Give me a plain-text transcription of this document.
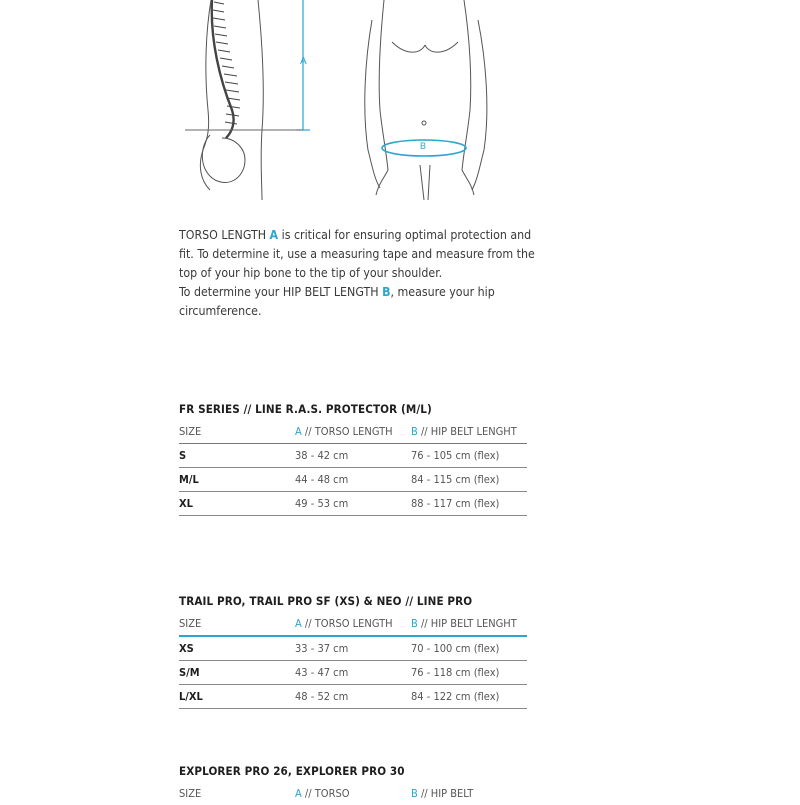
A
B

TORSO LENGTH A is critical for ensuring optimal protection and fit. To determine it, use a measuring tape and measure from the top of your hip bone to the tip of your shoulder.

To determine your HIP BELT LENGTH B, measure your hip circumference.

FR SERIES // LINE R.A.S. PROTECTOR (M/L)
SIZE	A // TORSO LENGTH	B // HIP BELT LENGHT
S	38 - 42 cm	76 - 105 cm (flex)
M/L	44 - 48 cm	84 - 115 cm (flex)
XL	49 - 53 cm	88 - 117 cm (flex)
TRAIL PRO, TRAIL PRO SF (XS) & NEO // LINE PRO
SIZE	A // TORSO LENGTH	B // HIP BELT LENGHT
XS	33 - 37 cm	70 - 100 cm (flex)
S/M	43 - 47 cm	76 - 118 cm (flex)
L/XL	48 - 52 cm	84 - 122 cm (flex)
EXPLORER PRO 26, EXPLORER PRO 30
SIZE	A // TORSO	B // HIP BELT
